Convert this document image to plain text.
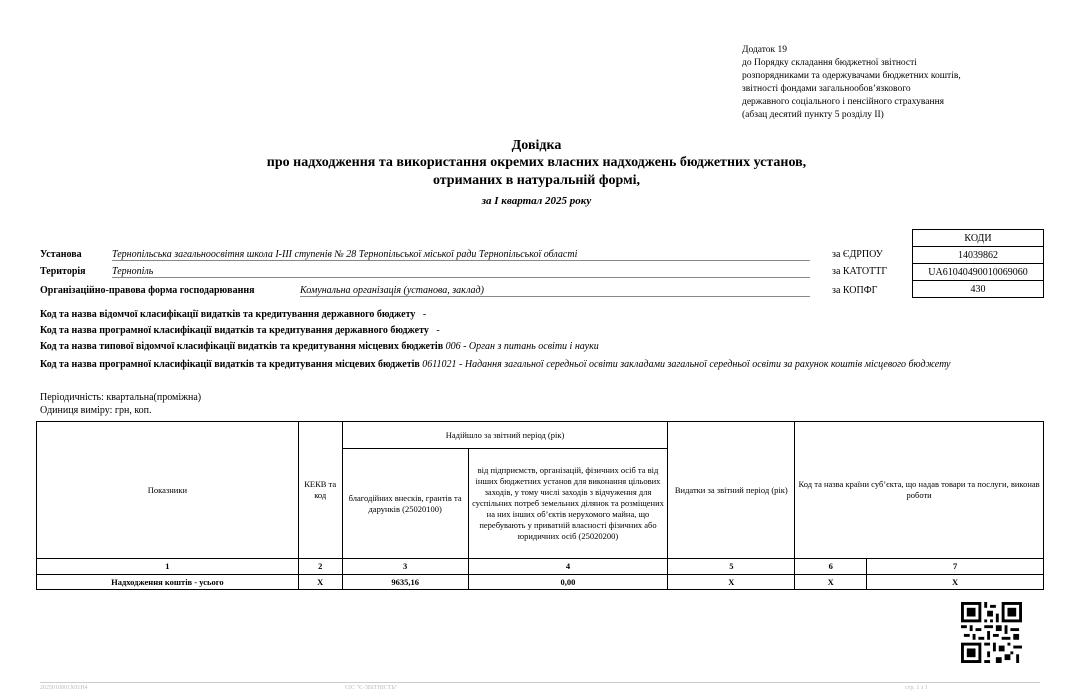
Додаток 19
до Порядку складання бюджетної звітності
розпорядниками та одержувачами бюджетних коштів,
звітності фондами загальнообов’язкового
державного соціального і пенсійного страхування
(абзац десятий пункту 5 розділу II)
Довідка
про надходження та використання окремих власних надходжень бюджетних установ,
отриманих в натуральній формі,
за I квартал 2025 року
Установа	Тернопільська загальноосвітня школа І-ІІІ ступенів № 28 Тернопільської міської ради Тернопільської області
Територія	Тернопіль
Організаційно-правова форма господарювання	Комунальна організація (установа, заклад)
за ЄДРПОУ
за КАТОТТГ
за КОПФГ
КОДИ
14039862
UA61040490010069060
430
Код та назва відомчої класифікації видатків та кредитування державного бюджету -
Код та назва програмної класифікації видатків та кредитування державного бюджету -
Код та назва типової відомчої класифікації видатків та кредитування місцевих бюджетів 006 - Орган з питань освіти і науки
Код та назва програмної класифікації видатків та кредитування місцевих бюджетів 0611021 - Надання загальної середньої освіти закладами загальної середньої освіти за рахунок коштів місцевого бюджету
Періодичність: квартальна(проміжна)
Одиниця виміру: грн, коп.
Показники	КЕКВ та код	Надійшло за звітний період (рік)	Видатки за звітний період (рік)	Код та назва країни суб’єкта, що надав товари та послуги, виконав роботи
благодійних внесків, грантів та дарунків (25020100)	від підприємств, організацій, фізичних осіб та від інших бюджетних установ для виконання цільових заходів, у тому числі заходів з відчуження для суспільних потреб земельних ділянок та розміщених на них інших об’єктів нерухомого майна, що перебувають у приватній власності фізичних або юридичних осіб (25020200)
1	2	3	4	5	6	7
Надходження коштів - усього	X	9635,16	0,00	X	X	X
2025010001Х01Н4	ЄІС "Є-ЗВІТНІСТЬ"	стр. 1 з 1
